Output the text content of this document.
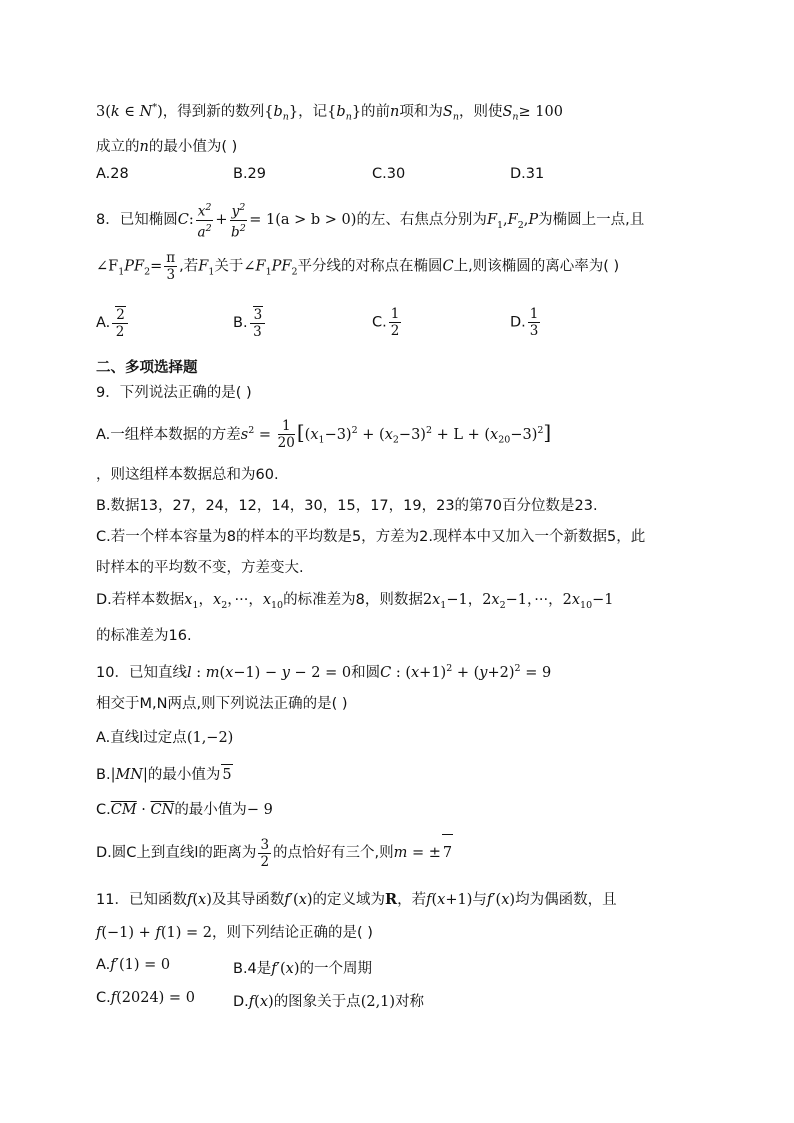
3(k ∈ N*)，得到新的数列$\{b_n\}$，记$\{b_n\}$的前n项和为$S_n$，则使$S_n\ge 100$
成立的n的最小值为( )
A.28	B.29	C.30	D.31
8．已知椭圆C: $\frac{x^2}{a^2} + \frac{y^2}{b^2} = 1(a > b > 0)$的左、右焦点分别为$F_1,F_2,P$为椭圆上一点,且
$\angle F_1PF_2= \frac{\pi}{3}$ ,若$F_1$关于$\angle F_1PF_2$平分线的对称点在椭圆C上,则该椭圆的离心率为( )
A. $\frac{2}{2}$	B. $\frac{3}{3}$	C. $\frac{1}{2}$	D. $\frac{1}{3}$
二、多项选择题
9．下列说法正确的是( )
A.一组样本数据的方差$s^2 = \frac{1}{20} [(x_1-3)^2 + (x_2-3)^2 + L + (x_{20}-3)^2]$
，则这组样本数据总和为60.
B.数据13，27，24，12，14，30，15，17，19，23的第70百分位数是23.
C.若一个样本容量为8的样本的平均数是5，方差为2.现样本中又加入一个新数据5，此
时样本的平均数不变，方差变大.
D.若样本数据$x_1$，$x_2$，···，$x_{10}$的标准差为8，则数据$2x_1-1$，$2x_2-1$，···，$2x_{10}-1$
的标准差为16.
10．已知直线l : m(x−1) − y − 2 = 0和圆C : $(x+1)^2 + (y+2)^2 = 9$
相交于M,N两点,则下列说法正确的是( )
A.直线l过定点(1,−2)
B.|MN|的最小值为 5
$C.\overline{CM} \cdot \overline{CN}$的最小值为− 9
D.圆C上到直线l的距离为 $\frac{3}{2}$ 的点恰好有三个,则m = ± 7
11．已知函数f(x)及其导函数f′(x)的定义域为R，若f(x+1)与f′(x)均为偶函数，且
f(−1) + f(1) = 2，则下列结论正确的是( )
A.f′(1) = 0	B.4是f′(x)的一个周期
C.f(2024) = 0	D.f(x)的图象关于点(2,1)对称
